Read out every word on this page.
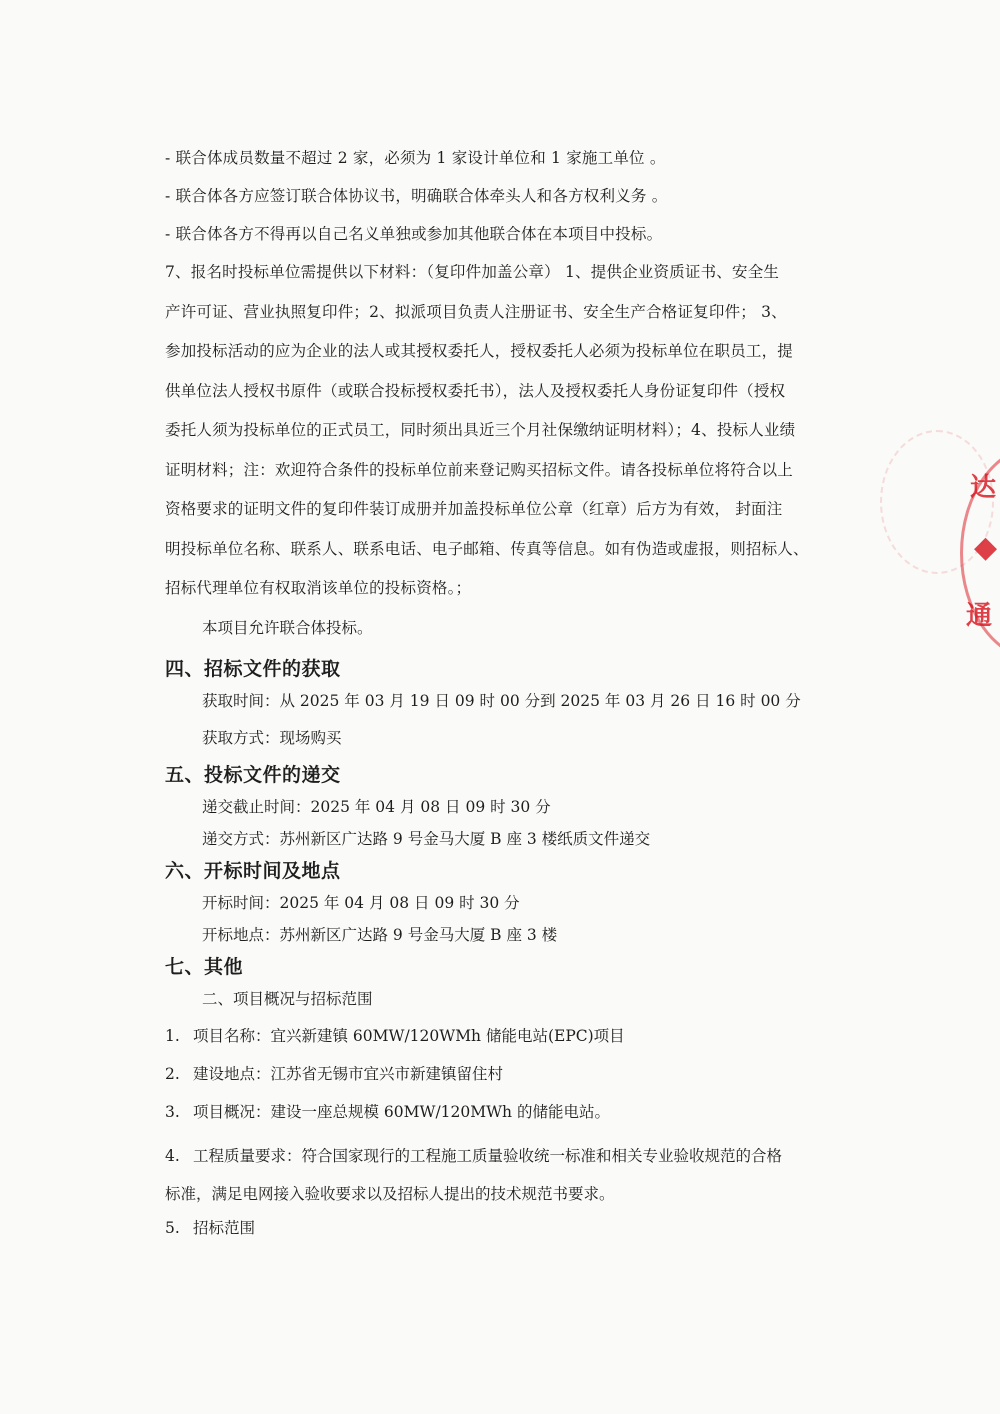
- 联合体成员数量不超过 2 家，必须为 1 家设计单位和 1 家施工单位 。
- 联合体各方应签订联合体协议书，明确联合体牵头人和各方权利义务 。
- 联合体各方不得再以自己名义单独或参加其他联合体在本项目中投标。
7、报名时投标单位需提供以下材料：（复印件加盖公章） 1、提供企业资质证书、安全生
产许可证、营业执照复印件；2、拟派项目负责人注册证书、安全生产合格证复印件； 3、
参加投标活动的应为企业的法人或其授权委托人，授权委托人必须为投标单位在职员工，提
供单位法人授权书原件（或联合投标授权委托书），法人及授权委托人身份证复印件（授权
委托人须为投标单位的正式员工，同时须出具近三个月社保缴纳证明材料）；4、投标人业绩
证明材料；注：欢迎符合条件的投标单位前来登记购买招标文件。请各投标单位将符合以上
资格要求的证明文件的复印件装订成册并加盖投标单位公章（红章）后方为有效， 封面注
明投标单位名称、联系人、联系电话、电子邮箱、传真等信息。如有伪造或虚报，则招标人、
招标代理单位有权取消该单位的投标资格。；
本项目允许联合体投标。
四、招标文件的获取
获取时间：从 2025 年 03 月 19 日 09 时 00 分到 2025 年 03 月 26 日 16 时 00 分
获取方式：现场购买
五、投标文件的递交
递交截止时间：2025 年 04 月 08 日 09 时 30 分
递交方式：苏州新区广达路 9 号金马大厦 B 座 3 楼纸质文件递交
六、开标时间及地点
开标时间：2025 年 04 月 08 日 09 时 30 分
开标地点：苏州新区广达路 9 号金马大厦 B 座 3 楼
七、其他
二、项目概况与招标范围
1. 项目名称：宜兴新建镇 60MW/120WMh 储能电站(EPC)项目
2. 建设地点：江苏省无锡市宜兴市新建镇留住村
3. 项目概况：建设一座总规模 60MW/120MWh 的储能电站。
4. 工程质量要求：符合国家现行的工程施工质量验收统一标准和相关专业验收规范的合格
标准，满足电网接入验收要求以及招标人提出的技术规范书要求。
5. 招标范围
达
◆
通
